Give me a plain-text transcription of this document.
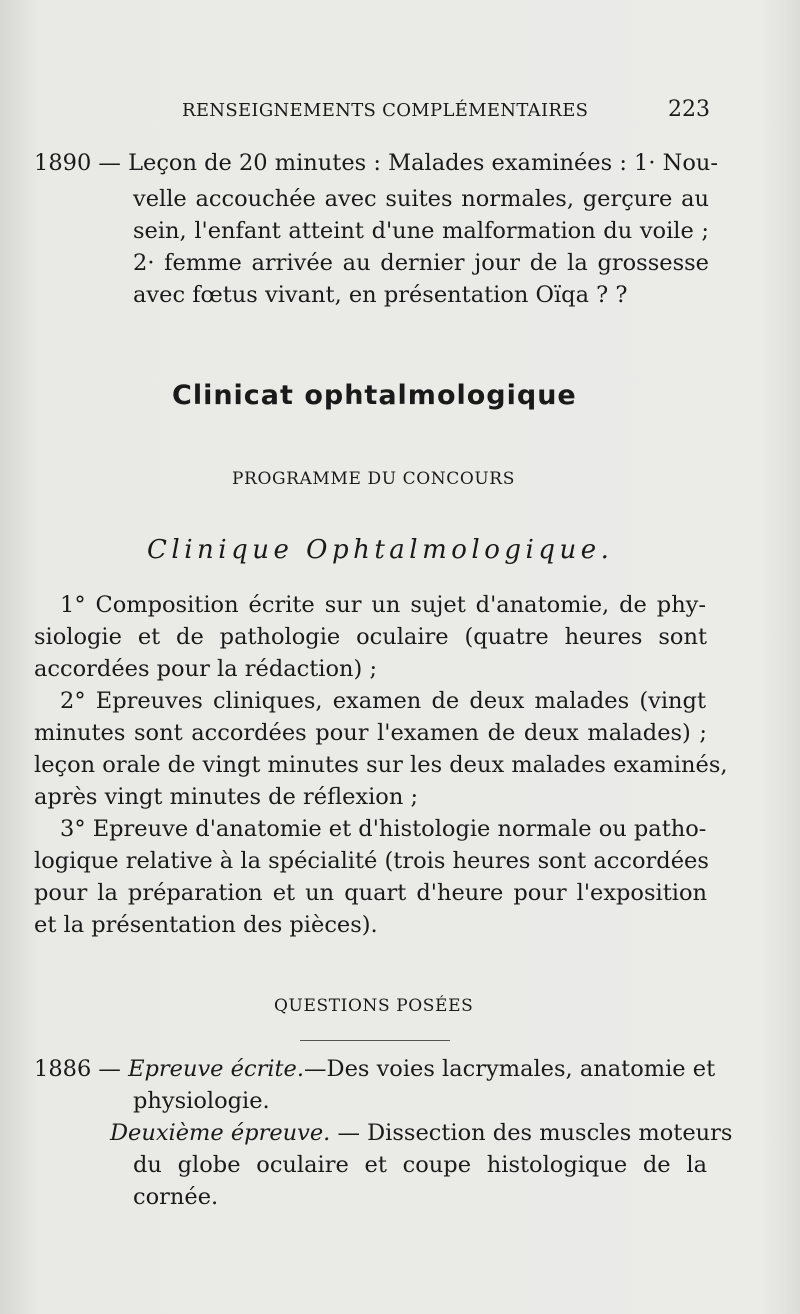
RENSEIGNEMENTS COMPLÉMENTAIRES	223
1890 — Leçon de 20 minutes : Malades examinées : 1· Nou-
velle accouchée avec suites normales, gerçure au
sein, l'enfant atteint d'une malformation du voile ;
2· femme arrivée au dernier jour de la grossesse
avec fœtus vivant, en présentation Oïqa ? ?
Clinicat ophtalmologique
PROGRAMME DU CONCOURS
Clinique Ophtalmologique.
1° Composition écrite sur un sujet d'anatomie, de phy-
siologie et de pathologie oculaire (quatre heures sont
accordées pour la rédaction) ;
2° Epreuves cliniques, examen de deux malades (vingt
minutes sont accordées pour l'examen de deux malades) ;
leçon orale de vingt minutes sur les deux malades examinés,
après vingt minutes de réflexion ;
3° Epreuve d'anatomie et d'histologie normale ou patho-
logique relative à la spécialité (trois heures sont accordées
pour la préparation et un quart d'heure pour l'exposition
et la présentation des pièces).
QUESTIONS POSÉES
1886 — Epreuve écrite.—Des voies lacrymales, anatomie et
physiologie.
Deuxième épreuve. — Dissection des muscles moteurs
du globe oculaire et coupe histologique de la
cornée.
